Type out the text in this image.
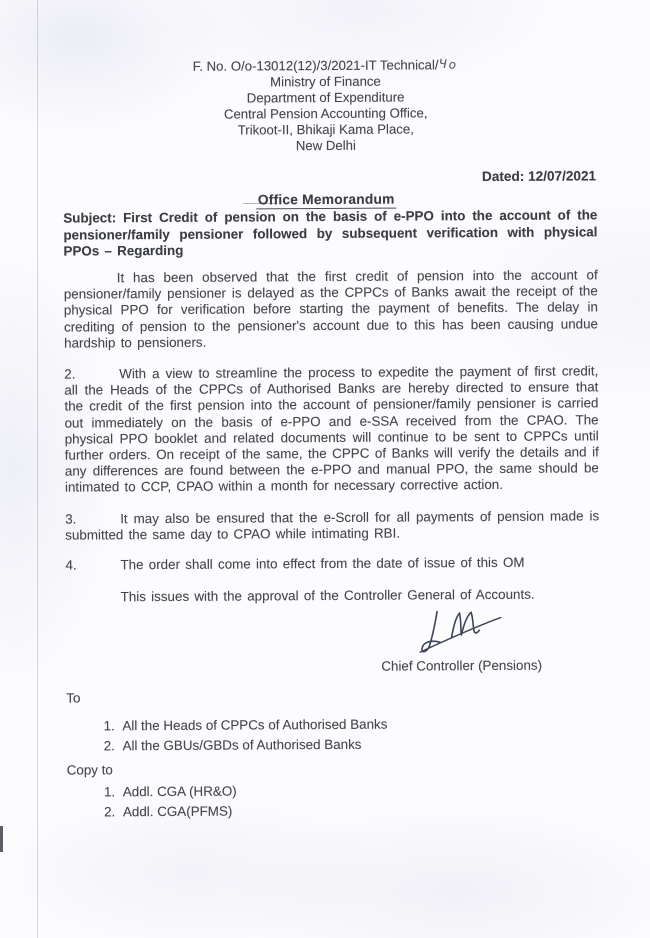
F. No. O/o-13012(12)/3/2021-IT Technical/Чo
Ministry of Finance
Department of Expenditure
Central Pension Accounting Office,
Trikoot-II, Bhikaji Kama Place,
New Delhi
Dated: 12/07/2021
Office Memorandum

Subject: First Credit of pension on the basis of e-PPO into the account of the pensioner/family pensioner followed by subsequent verification with physical PPOs – Regarding

It has been observed that the first credit of pension into the account of pensioner/family pensioner is delayed as the CPPCs of Banks await the receipt of the physical PPO for verification before starting the payment of benefits. The delay in crediting of pension to the pensioner's account due to this has been causing undue hardship to pensioners.

2.	With a view to streamline the process to expedite the payment of first credit, all the Heads of the CPPCs of Authorised Banks are hereby directed to ensure that the credit of the first pension into the account of pensioner/family pensioner is carried out immediately on the basis of e-PPO and e-SSA received from the CPAO. The physical PPO booklet and related documents will continue to be sent to CPPCs until further orders. On receipt of the same, the CPPC of Banks will verify the details and if any differences are found between the e-PPO and manual PPO, the same should be intimated to CCP, CPAO within a month for necessary corrective action.

3.	It may also be ensured that the e-Scroll for all payments of pension made is submitted the same day to CPAO while intimating RBI.

4.	The order shall come into effect from the date of issue of this OM

This issues with the approval of the Controller General of Accounts.

Chief Controller (Pensions)
To
1. All the Heads of CPPCs of Authorised Banks
2. All the GBUs/GBDs of Authorised Banks
Copy to
1. Addl. CGA (HR&O)
2. Addl. CGA(PFMS)
